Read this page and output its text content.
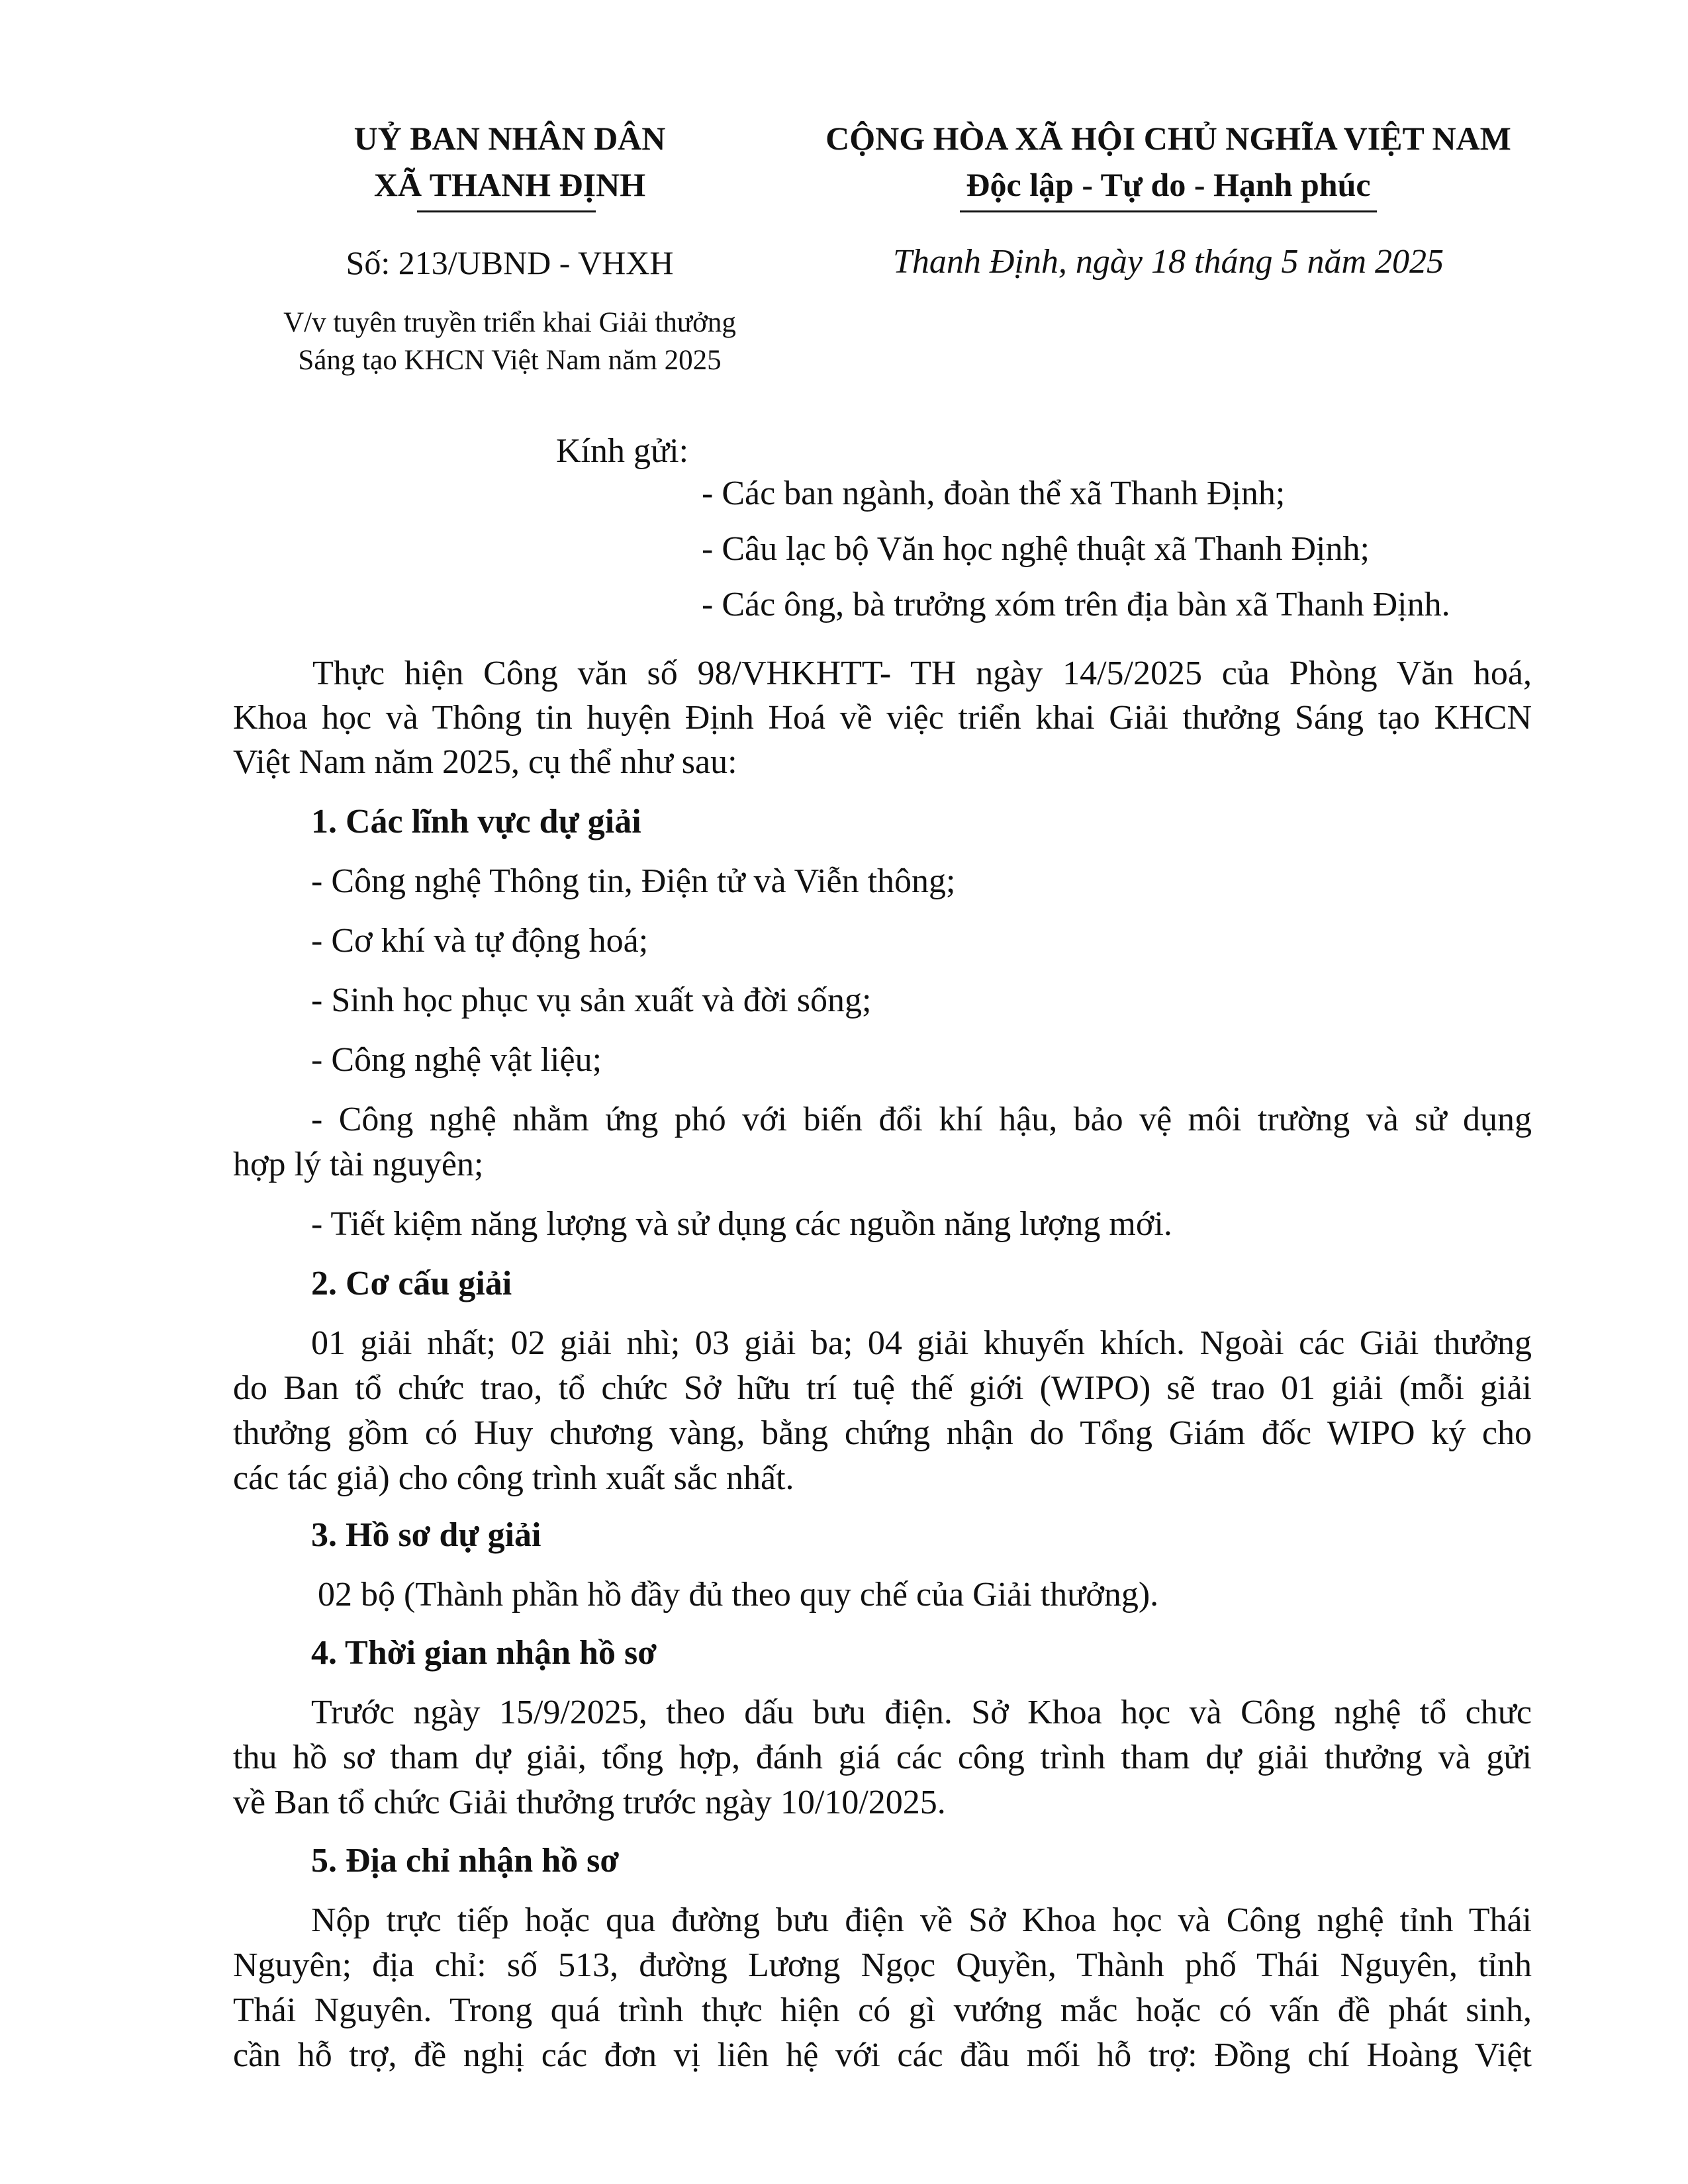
UỶ BAN NHÂN DÂN
XÃ THANH ĐỊNH
Số: 213/UBND - VHXH
V/v tuyên truyền triển khai Giải thưởng
Sáng tạo KHCN Việt Nam năm 2025
CỘNG HÒA XÃ HỘI CHỦ NGHĨA VIỆT NAM
Độc lập - Tự do - Hạnh phúc
Thanh Định, ngày 18 tháng 5 năm 2025
Kính gửi:
- Các ban ngành, đoàn thể xã Thanh Định;
- Câu lạc bộ Văn học nghệ thuật xã Thanh Định;
- Các ông, bà trưởng xóm trên địa bàn xã Thanh Định.
Thực hiện Công văn số 98/VHKHTT- TH ngày 14/5/2025 của Phòng Văn hoá,
Khoa học và Thông tin huyện Định Hoá về việc triển khai Giải thưởng Sáng tạo KHCN
Việt Nam năm 2025, cụ thể như sau:
1. Các lĩnh vực dự giải
- Công nghệ Thông tin, Điện tử và Viễn thông;
- Cơ khí và tự động hoá;
- Sinh học phục vụ sản xuất và đời sống;
- Công nghệ vật liệu;
- Công nghệ nhằm ứng phó với biến đổi khí hậu, bảo vệ môi trường và sử dụng
hợp lý tài nguyên;
- Tiết kiệm năng lượng và sử dụng các nguồn năng lượng mới.
2. Cơ cấu giải
01 giải nhất; 02 giải nhì; 03 giải ba; 04 giải khuyến khích. Ngoài các Giải thưởng
do Ban tổ chức trao, tổ chức Sở hữu trí tuệ thế giới (WIPO) sẽ trao 01 giải (mỗi giải
thưởng gồm có Huy chương vàng, bằng chứng nhận do Tổng Giám đốc WIPO ký cho
các tác giả) cho công trình xuất sắc nhất.
3. Hồ sơ dự giải
02 bộ (Thành phần hồ đầy đủ theo quy chế của Giải thưởng).
4. Thời gian nhận hồ sơ
Trước ngày 15/9/2025, theo dấu bưu điện. Sở Khoa học và Công nghệ tổ chưc
thu hồ sơ tham dự giải, tổng hợp, đánh giá các công trình tham dự giải thưởng và gửi
về Ban tổ chức Giải thưởng trước ngày 10/10/2025.
5. Địa chỉ nhận hồ sơ
Nộp trực tiếp hoặc qua đường bưu điện về Sở Khoa học và Công nghệ tỉnh Thái
Nguyên; địa chỉ: số 513, đường Lương Ngọc Quyền, Thành phố Thái Nguyên, tỉnh
Thái Nguyên. Trong quá trình thực hiện có gì vướng mắc hoặc có vấn đề phát sinh,
cần hỗ trợ, đề nghị các đơn vị liên hệ với các đầu mối hỗ trợ: Đồng chí Hoàng Việt
